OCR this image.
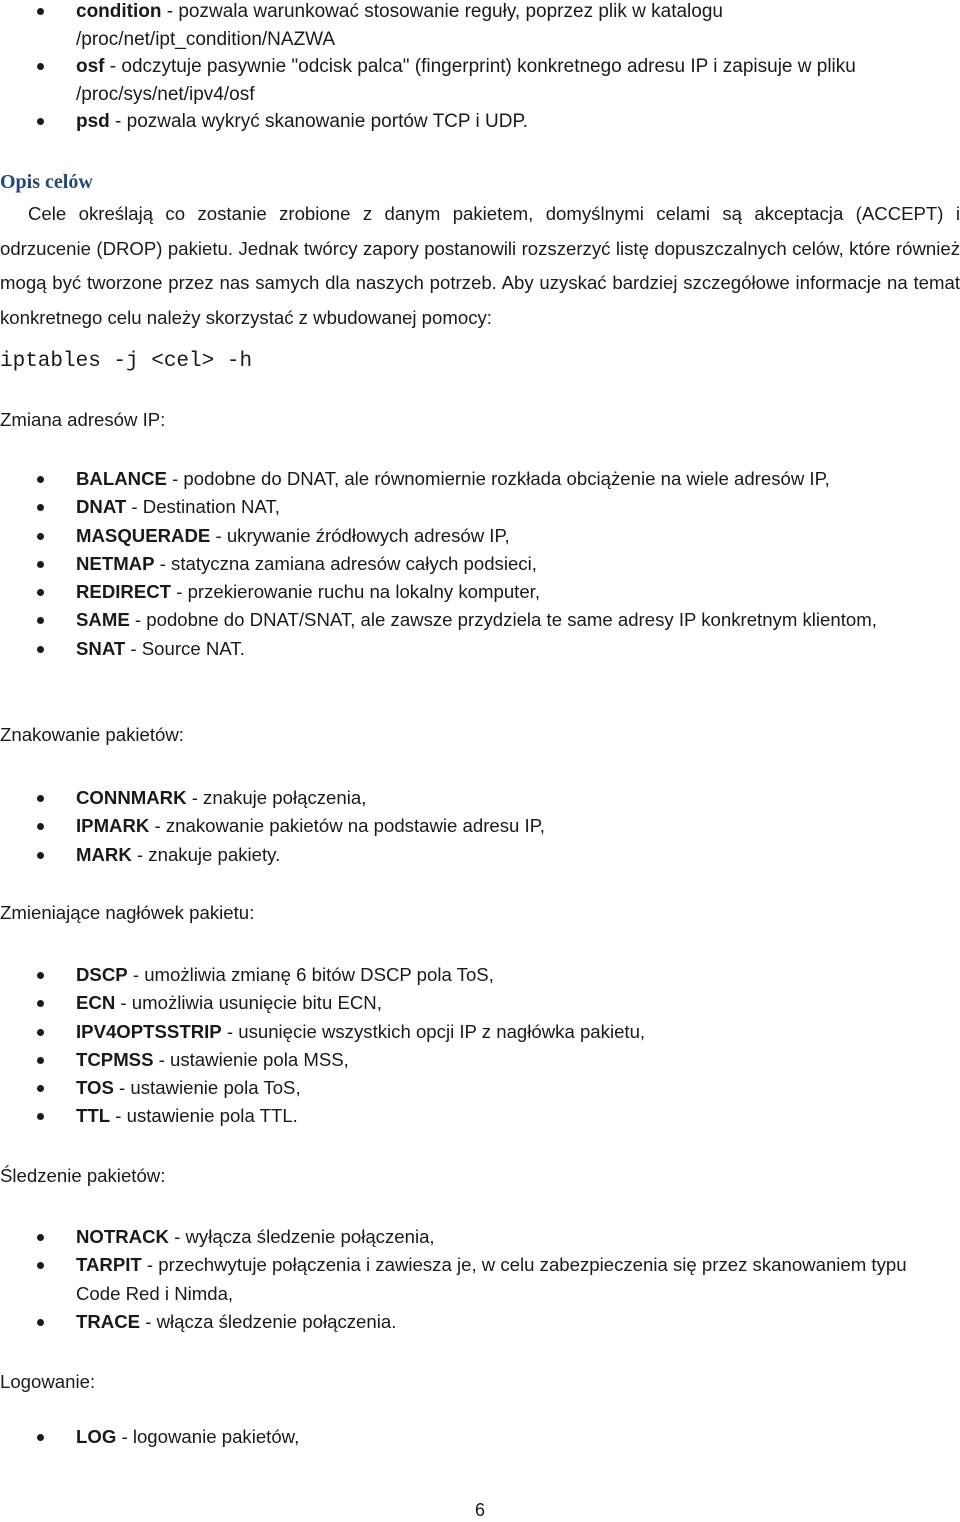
condition - pozwala warunkować stosowanie reguły, poprzez plik w katalogu /proc/net/ipt_condition/NAZWA
osf - odczytuje pasywnie "odcisk palca" (fingerprint) konkretnego adresu IP i zapisuje w pliku /proc/sys/net/ipv4/osf
psd - pozwala wykryć skanowanie portów TCP i UDP.
Opis celów
Cele określają co zostanie zrobione z danym pakietem, domyślnymi celami są akceptacja (ACCEPT) i odrzucenie (DROP) pakietu. Jednak twórcy zapory postanowili rozszerzyć listę dopuszczalnych celów, które również mogą być tworzone przez nas samych dla naszych potrzeb. Aby uzyskać bardziej szczegółowe informacje na temat konkretnego celu należy skorzystać z wbudowanej pomocy:
iptables -j <cel> -h
Zmiana adresów IP:
BALANCE - podobne do DNAT, ale równomiernie rozkłada obciążenie na wiele adresów IP,
DNAT - Destination NAT,
MASQUERADE - ukrywanie źródłowych adresów IP,
NETMAP - statyczna zamiana adresów całych podsieci,
REDIRECT - przekierowanie ruchu na lokalny komputer,
SAME - podobne do DNAT/SNAT, ale zawsze przydziela te same adresy IP konkretnym klientom,
SNAT - Source NAT.
Znakowanie pakietów:
CONNMARK - znakuje połączenia,
IPMARK - znakowanie pakietów na podstawie adresu IP,
MARK - znakuje pakiety.
Zmieniające nagłówek pakietu:
DSCP - umożliwia zmianę 6 bitów DSCP pola ToS,
ECN - umożliwia usunięcie bitu ECN,
IPV4OPTSSTRIP - usunięcie wszystkich opcji IP z nagłówka pakietu,
TCPMSS - ustawienie pola MSS,
TOS - ustawienie pola ToS,
TTL - ustawienie pola TTL.
Śledzenie pakietów:
NOTRACK - wyłącza śledzenie połączenia,
TARPIT - przechwytuje połączenia i zawiesza je, w celu zabezpieczenia się przez skanowaniem typu Code Red i Nimda,
TRACE - włącza śledzenie połączenia.
Logowanie:
LOG - logowanie pakietów,
6
